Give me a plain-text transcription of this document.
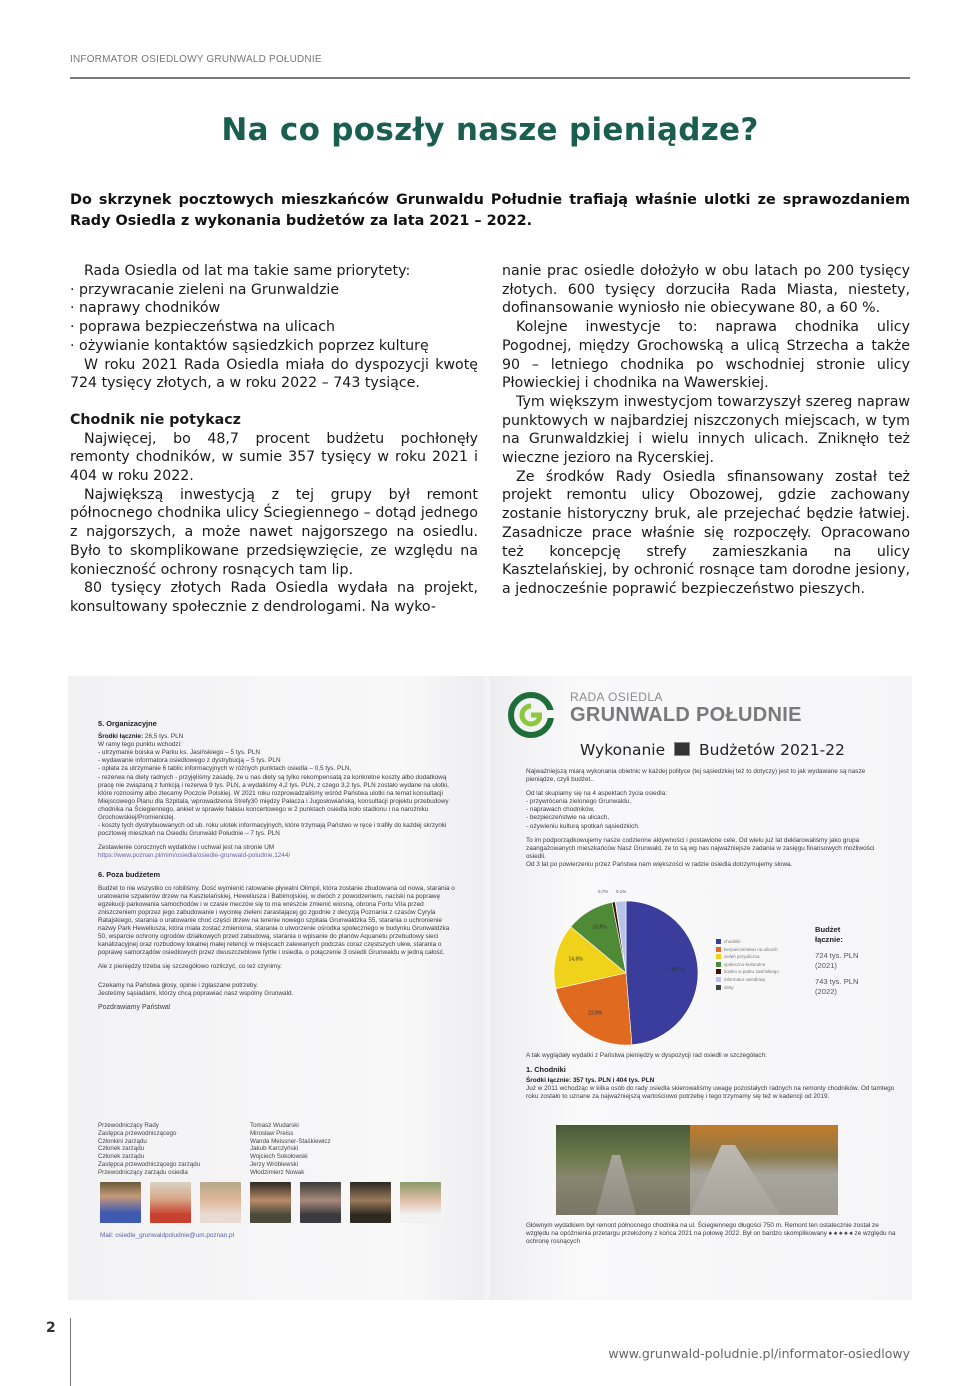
INFORMATOR OSIEDLOWY GRUNWALD POŁUDNIE
Na co poszły nasze pieniądze?
Do skrzynek pocztowych mieszkańców Grunwaldu Południe trafiają właśnie ulotki ze sprawozdaniem Rady Osiedla z wykonania budżetów za lata 2021 – 2022.

Rada Osiedla od lat ma takie same priorytety:

· przywracanie zieleni na Grunwaldzie

· naprawy chodników

· poprawa bezpieczeństwa na ulicach

· ożywianie kontaktów sąsiedzkich poprzez kulturę

W roku 2021 Rada Osiedla miała do dyspozycji kwotę 724 tysięcy złotych, a w roku 2022 – 743 tysiące.

Chodnik nie potykacz

Najwięcej, bo 48,7 procent budżetu pochłonęły remonty chodników, w sumie 357 tysięcy w roku 2021 i 404 w roku 2022.

Największą inwestycją z tej grupy był remont północnego chodnika ulicy Ściegiennego – dotąd jednego z najgorszych, a może nawet najgorszego na osiedlu. Było to skomplikowane przedsięwzięcie, ze względu na konieczność ochrony rosnących tam lip.

80 tysięcy złotych Rada Osiedla wydała na projekt, konsultowany społecznie z dendrologami. Na wyko-

nanie prac osiedle dołożyło w obu latach po 200 tysięcy złotych. 600 tysięcy dorzuciła Rada Miasta, niestety, dofinansowanie wyniosło nie obiecywane 80, a 60 %.

Kolejne inwestycje to: naprawa chodnika ulicy Pogodnej, między Grochowską a ulicą Strzecha a także 90 – letniego chodnika po wschodniej stronie ulicy Płowieckiej i chodnika na Wawerskiej.

Tym większym inwestycjom towarzyszył szereg napraw punktowych w najbardziej niszczonych miejscach, w tym na Grunwaldzkiej i wielu innych ulicach. Zniknęło też wieczne jezioro na Rycerskiej.

Ze środków Rady Osiedla sfinansowany został też projekt remontu ulicy Obozowej, gdzie zachowany zostanie historyczny bruk, ale przejechać będzie łatwiej. Zasadnicze prace właśnie się rozpoczęły. Opracowano też koncepcję strefy zamieszkania na ulicy Kasztelańskiej, by ochronić rosnące tam dorodne jesiony, a jednocześnie poprawić bezpieczeństwo pieszych.

5. Organizacyjne
Środki łącznie: 26,5 tys. PLN
W ramy tego punktu wchodzi:
- utrzymanie boiska w Parku ks. Jasińskiego – 5 tys. PLN
- wydawanie informatora osiedlowego z dystrybucją – 5 tys. PLN
- opłata za utrzymanie 6 tablic informacyjnych w różnych punktach osiedla – 0,5 tys. PLN,
- rezerwa na diety radnych - przyjęliśmy zasadę, że u nas diety są tylko rekompensatą za konkretne koszty albo dodatkową pracę nie związaną z funkcją i rezerwa 9 tys. PLN, a wydaliśmy 4,2 tys. PLN, z czego 3,2 tys. PLN zostało wydane na ulotki, które roznosimy albo zlecamy Poczcie Polskiej. W 2021 roku rozprowadzaliśmy wśród Państwa ulotki na temat konsultacji Miejscowego Planu dla Szpitala, wprowadzenia Strefy30 między Pałacza i Jugosłowiańską, konsultacji projektu przebudowy chodnika na Ściegiennego, ankiet w sprawie hałasu koncertowego w 2 punktach osiedla koło stadionu i na narożniku Grochowskiej/Promienistej.
- koszty tych dystrybuowanych od ub. roku ulotek informacyjnych, które trzymają Państwo w ręce i trafiły do każdej skrzynki pocztowej mieszkań na Osiedlu Grunwald Południe – 7 tys. PLN
Zestawienie corocznych wydatków i uchwał jest na stronie UM
https://www.poznan.pl/mim/osiedla/osiedle-grunwald-poludnie,1244/
6. Poza budżetem
Budżet to nie wszystko co robiliśmy. Dość wymienić ratowanie pływalni Olimpii, która zostanie zbudowana od nowa, starania o uratowanie szpalerów drzew na Kasztelańskiej, Heweliusza i Babimojskiej, w dwóch z powodzeniem, naciski na poprawę egzekucji parkowania samochodów i w czasie meczów się to ma wreszcie zmienić wiosną, obrona Fortu VIIa przed zniszczeniem poprzez jego zabudowanie i wycinkę zieleni zarastającej go zgodnie z decyzją Poznania z czasów Cyryla Ratajskiego, starania o uratowanie choć części drzew na terenie nowego szpitala Grunwaldzka 55, starania o uchronienie nazwy Park Heweliusza, która miała zostać zmieniona, starania o utworzenie ośrodka społecznego w budynku Grunwaldzka 50, wsparcie ochrony ogrodów działkowych przed zabudową, starania o wpisanie do planów Aquanetu przebudowy sieci kanalizacyjnej oraz rozbudowy lokalnej małej retencji w miejscach zalewanych podczas coraz częstszych ulew, starania o poprawę samorządów osiedlowych przez dwuszczeblowe fyrtle i osiedla, o połączenie 3 osiedli Grunwaldu w jedną całość.
Ale z pieniędzy trzeba się szczegółowo rozliczyć, co też czynimy.
Czekamy na Państwa głosy, opinie i zgłaszane potrzeby.
Jesteśmy sąsiadami, którzy chcą poprawiać nasz wspólny Grunwald.
Pozdrawiamy Państwa!
Przewodniczący Rady
Zastępca przewodniczącego
Członkini zarządu
Członek zarządu
Członek zarządu
Zastępca przewodniczącego zarządu
Przewodniczący zarządu osiedla
Tomasz Wudarski
Mirosław Preiss
Wanda Meissner-Staśkiewicz
Jakub Karczyński
Wojciech Sokołowski
Jerzy Wróblewski
Włodzimierz Nowak
Mail: osiedle_grunwaldpoludnie@um.poznan.pl
RADA OSIEDLA
GRUNWALD POŁUDNIE
Wykonanie Budżetów 2021-22
Najważniejszą miarą wykonania obietnic w każdej polityce (tej sąsiedzkiej też to dotyczy) jest to jak wydawane są nasze pieniądze, czyli budżet..
Od lat skupiamy się na 4 aspektach życia osiedla:
- przywrócenia zielonego Grunwaldu,
- naprawach chodników,
- bezpieczeństwie na ulicach,
- ożywieniu kulturą spotkań sąsiedzkich.
To im podporządkowujemy nasze codzienne aktywności i postawione cele. Od wielu już lat deklarowaliśmy jako grupa zaangażowanych mieszkańców Nasz Grunwald, że to są wg nas najważniejsze zadania w zasięgu finansowych możliwości osiedli.
Od 3 lat po powierzeniu przez Państwa nam większości w radzie osiedla dotrzymujemy słowa.
48,7%
22,8%
14,6%
10,8%
0,7% 0,1%
chodniki
bezpieczeństwo na ulicach
zieleń przyuliczna
społeczno-kulturalne
boisko w parku Jasińskiego
informator osiedlowy
diety
Budżet łącznie:
724 tys. PLN (2021)
743 tys. PLN (2022)
A tak wyglądały wydatki z Państwa pieniędzy w dyspozycji rad osiedli w szczegółach:
1. Chodniki
Środki łącznie: 357 tys. PLN i 404 tys. PLN
Już w 2011 wchodząc w kilka osób do rady osiedla skierowaliśmy uwagę pozostałych radnych na remonty chodników. Od tamtego roku zostało to uznane za najważniejszą wartościowo potrzebę i tego trzymamy się też w kadencji od 2019.
Głównym wydatkiem był remont północnego chodnika na ul. Ściegiennego długości 750 m. Remont ten ostatecznie został ze względu na opóźnienia przetargu przełożony z końca 2021 na połowę 2022. Był on bardzo skomplikowany ♠ ♠ ♠ ♠ ♠ ze względu na ochronę rosnących
2
www.grunwald-poludnie.pl/informator-osiedlowy
